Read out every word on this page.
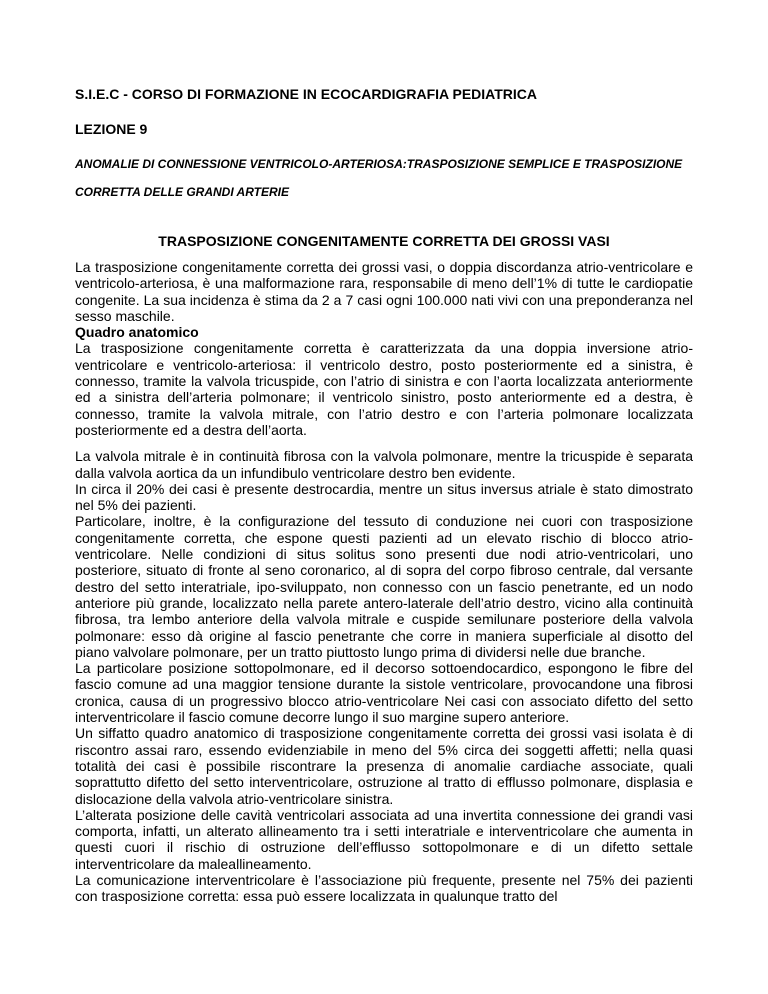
S.I.E.C - CORSO DI FORMAZIONE IN ECOCARDIGRAFIA PEDIATRICA
LEZIONE 9
ANOMALIE DI CONNESSIONE VENTRICOLO-ARTERIOSA:TRASPOSIZIONE SEMPLICE E TRASPOSIZIONE CORRETTA DELLE GRANDI ARTERIE
TRASPOSIZIONE CONGENITAMENTE CORRETTA DEI GROSSI VASI

La trasposizione congenitamente corretta dei grossi vasi, o doppia discordanza atrio-ventricolare e ventricolo-arteriosa, è una malformazione rara, responsabile di meno dell’1% di tutte le cardiopatie congenite. La sua incidenza è stima da 2 a 7 casi ogni 100.000 nati vivi con una preponderanza nel sesso maschile.

Quadro anatomico

La trasposizione congenitamente corretta è caratterizzata da una doppia inversione atrio-ventricolare e ventricolo-arteriosa: il ventricolo destro, posto posteriormente ed a sinistra, è connesso, tramite la valvola tricuspide, con l’atrio di sinistra e con l’aorta localizzata anteriormente ed a sinistra dell’arteria polmonare; il ventricolo sinistro, posto anteriormente ed a destra, è connesso, tramite la valvola mitrale, con l’atrio destro e con l’arteria polmonare localizzata posteriormente ed a destra dell’aorta.

La valvola mitrale è in continuità fibrosa con la valvola polmonare, mentre la tricuspide è separata dalla valvola aortica da un infundibulo ventricolare destro ben evidente.

In circa il 20% dei casi è presente destrocardia, mentre un situs inversus atriale è stato dimostrato nel 5% dei pazienti.

Particolare, inoltre, è la configurazione del tessuto di conduzione nei cuori con trasposizione congenitamente corretta, che espone questi pazienti ad un elevato rischio di blocco atrio-ventricolare. Nelle condizioni di situs solitus sono presenti due nodi atrio-ventricolari, uno posteriore, situato di fronte al seno coronarico, al di sopra del corpo fibroso centrale, dal versante destro del setto interatriale, ipo-sviluppato, non connesso con un fascio penetrante, ed un nodo anteriore più grande, localizzato nella parete antero-laterale dell’atrio destro, vicino alla continuità fibrosa, tra lembo anteriore della valvola mitrale e cuspide semilunare posteriore della valvola polmonare: esso dà origine al fascio penetrante che corre in maniera superficiale al disotto del piano valvolare polmonare, per un tratto piuttosto lungo prima di dividersi nelle due branche.

La particolare posizione sottopolmonare, ed il decorso sottoendocardico, espongono le fibre del fascio comune ad una maggior tensione durante la sistole ventricolare, provocandone una fibrosi cronica, causa di un progressivo blocco atrio-ventricolare Nei casi con associato difetto del setto interventricolare il fascio comune decorre lungo il suo margine supero anteriore.

Un siffatto quadro anatomico di trasposizione congenitamente corretta dei grossi vasi isolata è di riscontro assai raro, essendo evidenziabile in meno del 5% circa dei soggetti affetti; nella quasi totalità dei casi è possibile riscontrare la presenza di anomalie cardiache associate, quali soprattutto difetto del setto interventricolare, ostruzione al tratto di efflusso polmonare, displasia e dislocazione della valvola atrio-ventricolare sinistra.

L’alterata posizione delle cavità ventricolari associata ad una invertita connessione dei grandi vasi comporta, infatti, un alterato allineamento tra i setti interatriale e interventricolare che aumenta in questi cuori il rischio di ostruzione dell’efflusso sottopolmonare e di un difetto settale interventricolare da maleallineamento.

La comunicazione interventricolare è l’associazione più frequente, presente nel 75% dei pazienti con trasposizione corretta: essa può essere localizzata in qualunque tratto del
